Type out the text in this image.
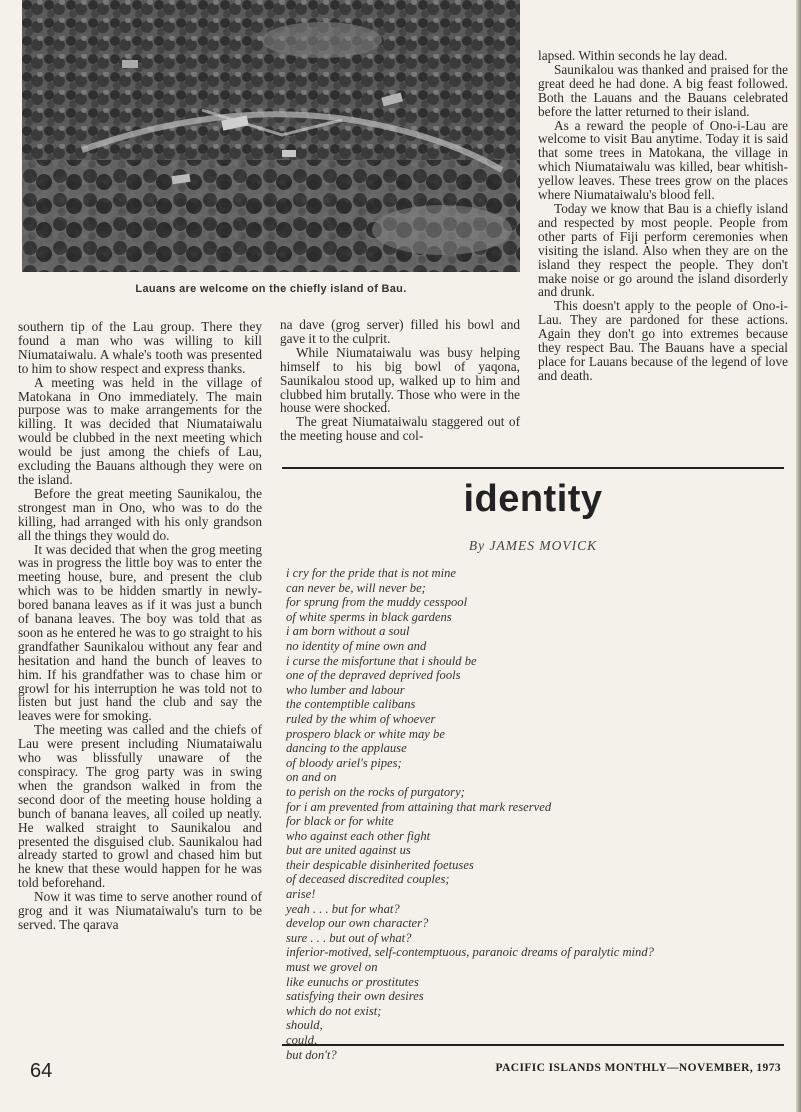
Lauans are welcome on the chiefly island of Bau.

southern tip of the Lau group. There they found a man who was willing to kill Niumataiwalu. A whale's tooth was presented to him to show respect and express thanks.

A meeting was held in the village of Matokana in Ono immediately. The main purpose was to make arrangements for the killing. It was decided that Niumataiwalu would be clubbed in the next meeting which would be just among the chiefs of Lau, excluding the Bauans although they were on the island.

Before the great meeting Saunikalou, the strongest man in Ono, who was to do the killing, had arranged with his only grandson all the things they would do.

It was decided that when the grog meeting was in progress the little boy was to enter the meeting house, bure, and present the club which was to be hidden smartly in newly-bored banana leaves as if it was just a bunch of banana leaves. The boy was told that as soon as he entered he was to go straight to his grandfather Saunikalou without any fear and hesitation and hand the bunch of leaves to him. If his grandfather was to chase him or growl for his interruption he was told not to listen but just hand the club and say the leaves were for smoking.

The meeting was called and the chiefs of Lau were present including Niumataiwalu who was blissfully unaware of the conspiracy. The grog party was in swing when the grandson walked in from the second door of the meeting house holding a bunch of banana leaves, all coiled up neatly. He walked straight to Saunikalou and presented the disguised club. Saunikalou had already started to growl and chased him but he knew that these would happen for he was told beforehand.

Now it was time to serve another round of grog and it was Niumataiwalu's turn to be served. The qarava

na dave (grog server) filled his bowl and gave it to the culprit.

While Niumataiwalu was busy helping himself to his big bowl of yaqona, Saunikalou stood up, walked up to him and clubbed him brutally. Those who were in the house were shocked.

The great Niumataiwalu staggered out of the meeting house and col-

lapsed. Within seconds he lay dead.

Saunikalou was thanked and praised for the great deed he had done. A big feast followed. Both the Lauans and the Bauans celebrated before the latter returned to their island.

As a reward the people of Ono-i-Lau are welcome to visit Bau anytime. Today it is said that some trees in Matokana, the village in which Niumataiwalu was killed, bear whitish-yellow leaves. These trees grow on the places where Niumataiwalu's blood fell.

Today we know that Bau is a chiefly island and respected by most people. People from other parts of Fiji perform ceremonies when visiting the island. Also when they are on the island they respect the people. They don't make noise or go around the island disorderly and drunk.

This doesn't apply to the people of Ono-i-Lau. They are pardoned for these actions. Again they don't go into extremes because they respect Bau. The Bauans have a special place for Lauans because of the legend of love and death.

identity
By JAMES MOVICK
i cry for the pride that is not mine
can never be, will never be;
for sprung from the muddy cesspool
of white sperms in black gardens
i am born without a soul
no identity of mine own and
i curse the misfortune that i should be
one of the depraved deprived fools
who lumber and labour
the contemptible calibans
ruled by the whim of whoever
prospero black or white may be
dancing to the applause
of bloody ariel's pipes;
on and on
to perish on the rocks of purgatory;
for i am prevented from attaining that mark reserved
for black or for white
who against each other fight
but are united against us
their despicable disinherited foetuses
of deceased discredited couples;
arise!
yeah . . . but for what?
develop our own character?
sure . . . but out of what?
inferior-motived, self-contemptuous, paranoic dreams of paralytic mind?
must we grovel on
like eunuchs or prostitutes
satisfying their own desires
which do not exist;
should,
could,
but don't?
64	PACIFIC ISLANDS MONTHLY—NOVEMBER, 1973
